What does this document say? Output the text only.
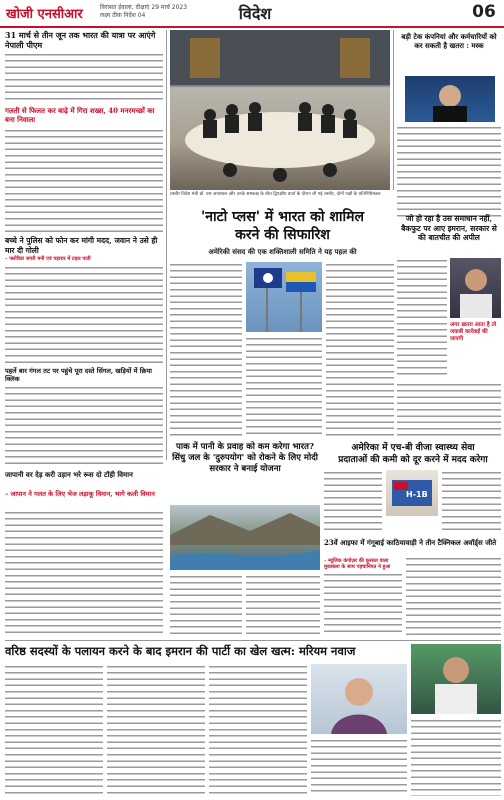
खोजी एनसीआर	विरासत ईवाला, दीक्षाएं 29 मार्च 2023
लक्ष्य ठीक निर्देश 04	विदेश	06
31 मार्च से तीन जून तक भारत की यात्रा पर आएंगे नेपाली पीएम
गलती से फिलत कर बाढ़े में गिरा शख्स, 40 मनरमच्छों का बना निवाला
बच्चे ने पुलिस को फोन कर मांगी मदद, जवान ने उसे ही मार दी गोली
– फ्लोरिडा जगरी मनी एवं पहारार में टहल पाती
पहलें बार गंगल तट पर पहुंचे पूरा दस्ते सिंगल, खड़ियों में क्रिया क्लिक
जापानी वर देड़ करी उड़ान भरे रूस दो टॉही विमान
– जापान ने गलत के लिए भेज लड़ाकू विमान, भागे कली विमान
तस्वीर विदेश मंत्री डॉ. एस जयशंकर और उनके समकक्ष के बीच द्विपक्षीय वार्ता के दौरान ली गई तस्वीर, दोनों पक्षों के प्रतिनिधिमंडल
बड़ी टेक कंपनियां और कर्मचारियों को कर सकती है खतरा : मस्क
'नाटो प्लस' में भारत को शामिल
करने की सिफारिश
अमेरिकी संसद की एक शक्तिशाली समिति ने यह पहल की
जो हो रहा है उस समाधान नहीं,
बैकफुट पर आए इमरान, सरकार से की बातचीत की अपील
अगर ख़तरा आता है तो जवाबी कार्रवाई की जाएगी
पाक में पानी के प्रवाह को कम करेगा भारत? सिंधु जल के 'दुरुपयोग' को रोकने के लिए मोदी सरकार ने बनाई योजना
अमेरिका में एच-बी वीजा स्वास्थ्य सेवा
प्रदाताओं की कमी को दूर करने में मदद करेगा
H-1B
23वें आइफा में गंगूबाई काठियावाड़ी ने तीन टैक्निकल अवॉर्ड्स जीते
– म्यूजिक कंपोज़र की फ़ुरसत वाला मुकाबला के साथ पहचानियत ने हुआ
वरिष्ठ सदस्यों के पलायन करने के बाद इमरान की पार्टी का खेल खत्म: मरियम नवाज
